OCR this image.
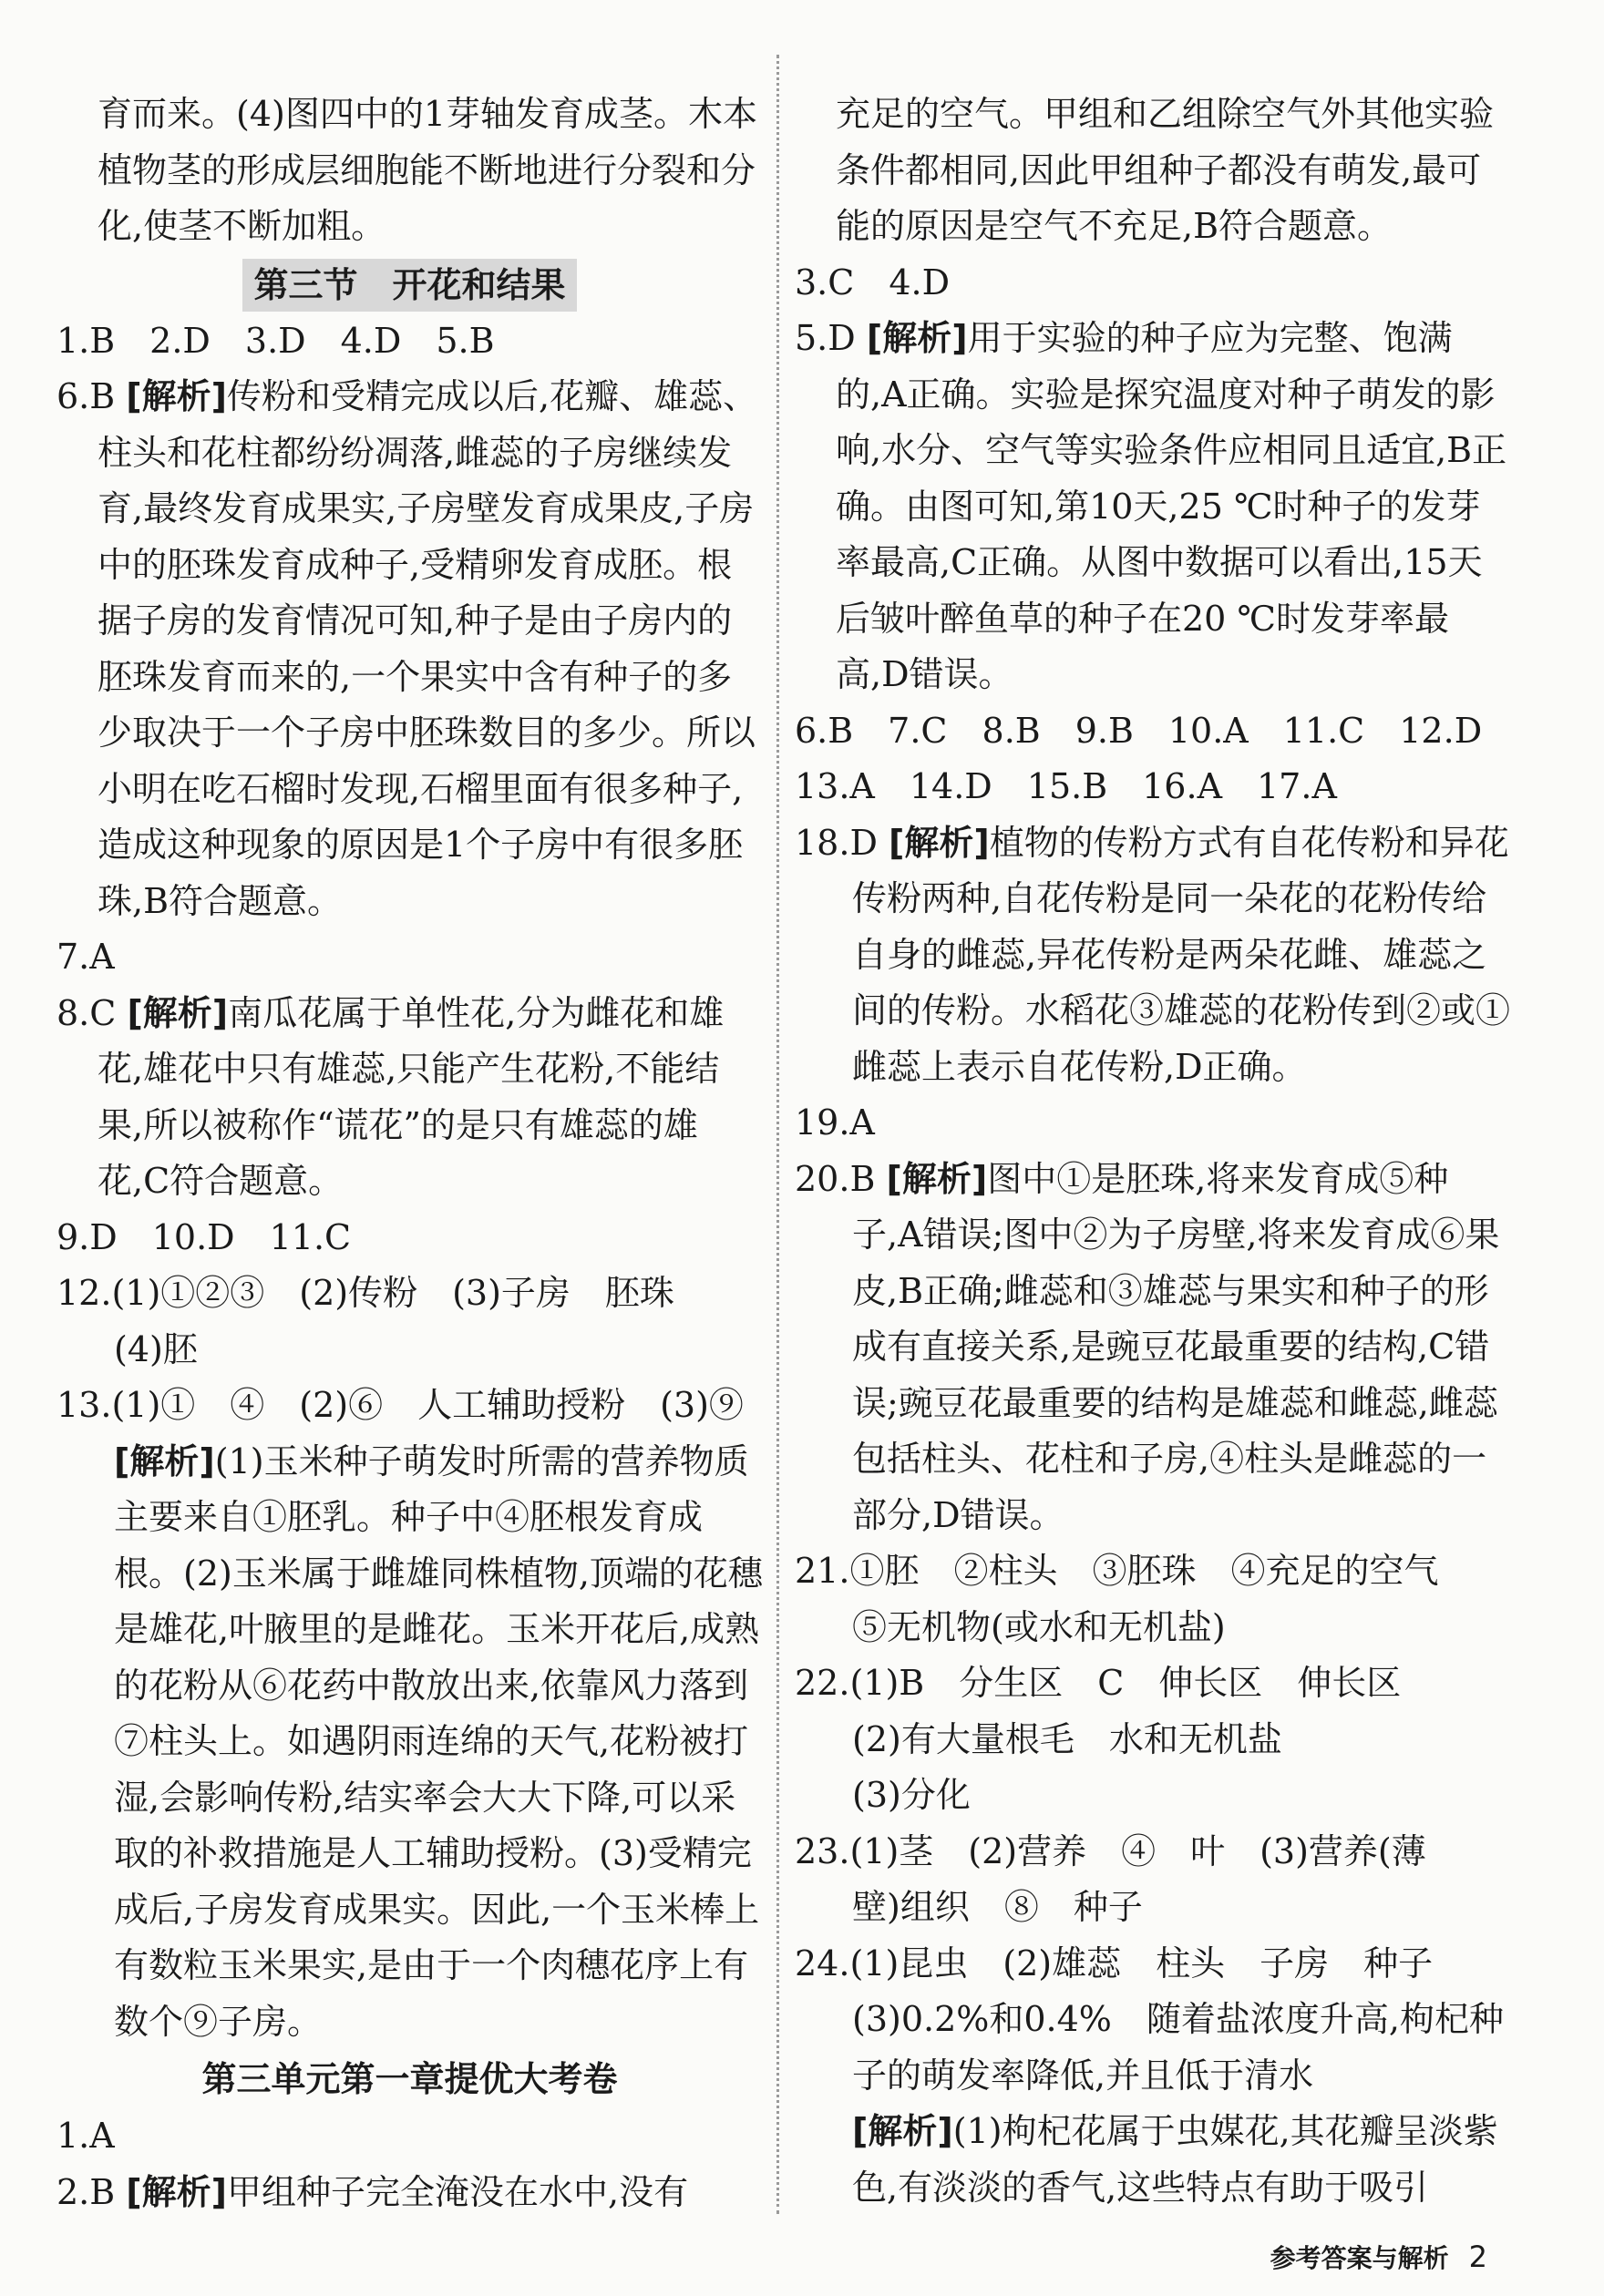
育而来。(4)图四中的1芽轴发育成茎。木本植物茎的形成层细胞能不断地进行分裂和分化,使茎不断加粗。

第三节　开花和结果

1.B　2.D　3.D　4.D　5.B

6.B [解析]传粉和受精完成以后,花瓣、雄蕊、柱头和花柱都纷纷凋落,雌蕊的子房继续发育,最终发育成果实,子房壁发育成果皮,子房中的胚珠发育成种子,受精卵发育成胚。根据子房的发育情况可知,种子是由子房内的胚珠发育而来的,一个果实中含有种子的多少取决于一个子房中胚珠数目的多少。所以小明在吃石榴时发现,石榴里面有很多种子,造成这种现象的原因是1个子房中有很多胚珠,B符合题意。

7.A

8.C [解析]南瓜花属于单性花,分为雌花和雄花,雄花中只有雄蕊,只能产生花粉,不能结果,所以被称作“谎花”的是只有雄蕊的雄花,C符合题意。

9.D　10.D　11.C

12.(1)①②③　(2)传粉　(3)子房　胚珠
(4)胚

13.(1)①　④　(2)⑥　人工辅助授粉　(3)⑨
[解析](1)玉米种子萌发时所需的营养物质主要来自①胚乳。种子中④胚根发育成根。(2)玉米属于雌雄同株植物,顶端的花穗是雄花,叶腋里的是雌花。玉米开花后,成熟的花粉从⑥花药中散放出来,依靠风力落到⑦柱头上。如遇阴雨连绵的天气,花粉被打湿,会影响传粉,结实率会大大下降,可以采取的补救措施是人工辅助授粉。(3)受精完成后,子房发育成果实。因此,一个玉米棒上有数粒玉米果实,是由于一个肉穗花序上有数个⑨子房。

第三单元第一章提优大考卷

1.A

2.B [解析]甲组种子完全淹没在水中,没有

充足的空气。甲组和乙组除空气外其他实验条件都相同,因此甲组种子都没有萌发,最可能的原因是空气不充足,B符合题意。

3.C　4.D

5.D [解析]用于实验的种子应为完整、饱满的,A正确。实验是探究温度对种子萌发的影响,水分、空气等实验条件应相同且适宜,B正确。由图可知,第10天,25 ℃时种子的发芽率最高,C正确。从图中数据可以看出,15天后皱叶醉鱼草的种子在20 ℃时发芽率最高,D错误。

6.B　7.C　8.B　9.B　10.A　11.C　12.D

13.A　14.D　15.B　16.A　17.A

18.D [解析]植物的传粉方式有自花传粉和异花传粉两种,自花传粉是同一朵花的花粉传给自身的雌蕊,异花传粉是两朵花雌、雄蕊之间的传粉。水稻花③雄蕊的花粉传到②或①雌蕊上表示自花传粉,D正确。

19.A

20.B [解析]图中①是胚珠,将来发育成⑤种子,A错误;图中②为子房壁,将来发育成⑥果皮,B正确;雌蕊和③雄蕊与果实和种子的形成有直接关系,是豌豆花最重要的结构,C错误;豌豆花最重要的结构是雄蕊和雌蕊,雌蕊包括柱头、花柱和子房,④柱头是雌蕊的一部分,D错误。

21.①胚　②柱头　③胚珠　④充足的空气
⑤无机物(或水和无机盐)

22.(1)B　分生区　C　伸长区　伸长区
(2)有大量根毛　水和无机盐
(3)分化

23.(1)茎　(2)营养　④　叶　(3)营养(薄
壁)组织　⑧　种子

24.(1)昆虫　(2)雄蕊　柱头　子房　种子
(3)0.2%和0.4%　随着盐浓度升高,枸杞种子的萌发率降低,并且低于清水
[解析](1)枸杞花属于虫媒花,其花瓣呈淡紫色,有淡淡的香气,这些特点有助于吸引

参考答案与解析 2
